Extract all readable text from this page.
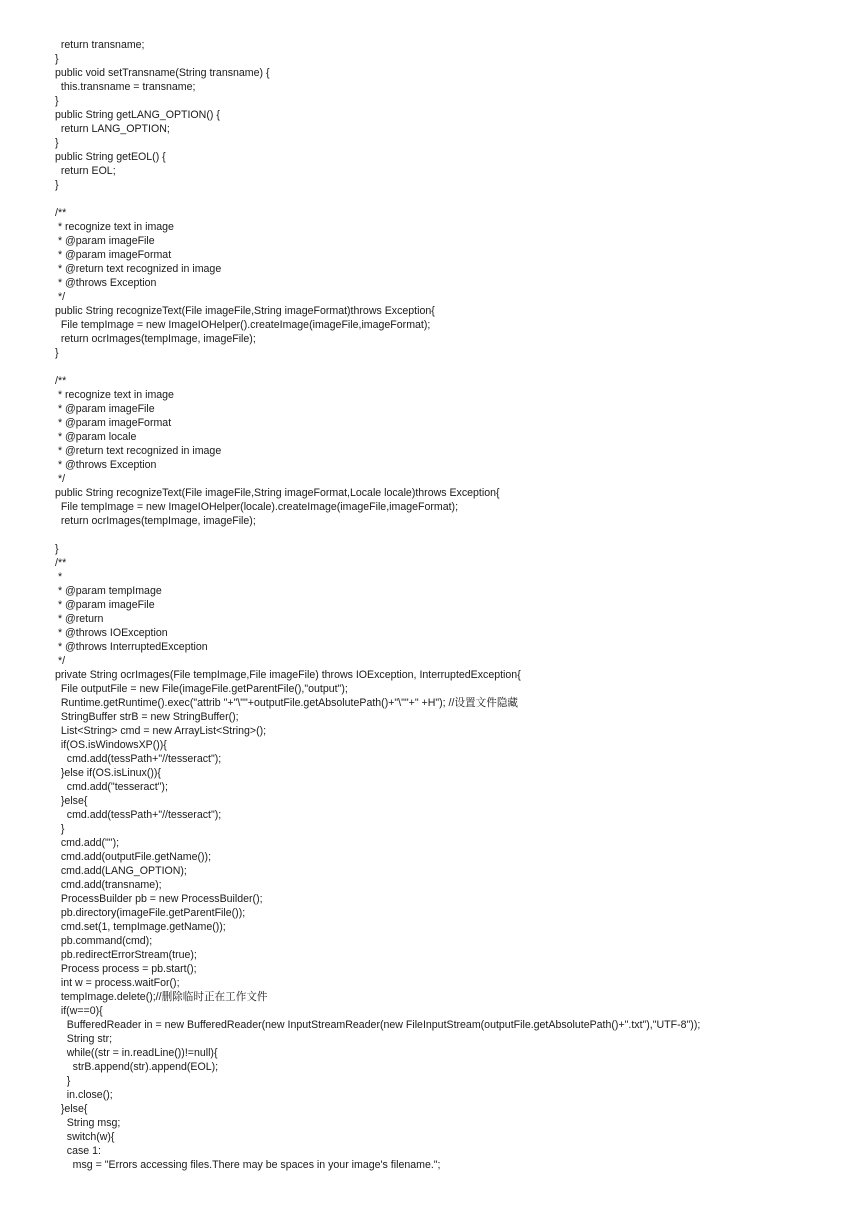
return transname;
}
public void setTransname(String transname) {
this.transname = transname;
}
public String getLANG_OPTION() {
return LANG_OPTION;
}
public String getEOL() {
return EOL;
}
/**
* recognize text in image
* @param imageFile
* @param imageFormat
* @return text recognized in image
* @throws Exception
*/
public String recognizeText(File imageFile,String imageFormat)throws Exception{
File tempImage = new ImageIOHelper().createImage(imageFile,imageFormat);
return ocrImages(tempImage, imageFile);
}
/**
* recognize text in image
* @param imageFile
* @param imageFormat
* @param locale
* @return text recognized in image
* @throws Exception
*/
public String recognizeText(File imageFile,String imageFormat,Locale locale)throws Exception{
File tempImage = new ImageIOHelper(locale).createImage(imageFile,imageFormat);
return ocrImages(tempImage, imageFile);
}
/**
*
* @param tempImage
* @param imageFile
* @return
* @throws IOException
* @throws InterruptedException
*/
private String ocrImages(File tempImage,File imageFile) throws IOException, InterruptedException{
File outputFile = new File(imageFile.getParentFile(),"output");
Runtime.getRuntime().exec("attrib "+"\""+outputFile.getAbsolutePath()+"\""+" +H"); //设置文件隐藏
StringBuffer strB = new StringBuffer();
List<String> cmd = new ArrayList<String>();
if(OS.isWindowsXP()){
cmd.add(tessPath+"//tesseract");
}else if(OS.isLinux()){
cmd.add("tesseract");
}else{
cmd.add(tessPath+"//tesseract");
}
cmd.add("");
cmd.add(outputFile.getName());
cmd.add(LANG_OPTION);
cmd.add(transname);
ProcessBuilder pb = new ProcessBuilder();
pb.directory(imageFile.getParentFile());
cmd.set(1, tempImage.getName());
pb.command(cmd);
pb.redirectErrorStream(true);
Process process = pb.start();
int w = process.waitFor();
tempImage.delete();//删除临时正在工作文件
if(w==0){
BufferedReader in = new BufferedReader(new InputStreamReader(new FileInputStream(outputFile.getAbsolutePath()+".txt"),"UTF-8"));
String str;
while((str = in.readLine())!=null){
strB.append(str).append(EOL);
}
in.close();
}else{
String msg;
switch(w){
case 1:
msg = "Errors accessing files.There may be spaces in your image's filename.";
